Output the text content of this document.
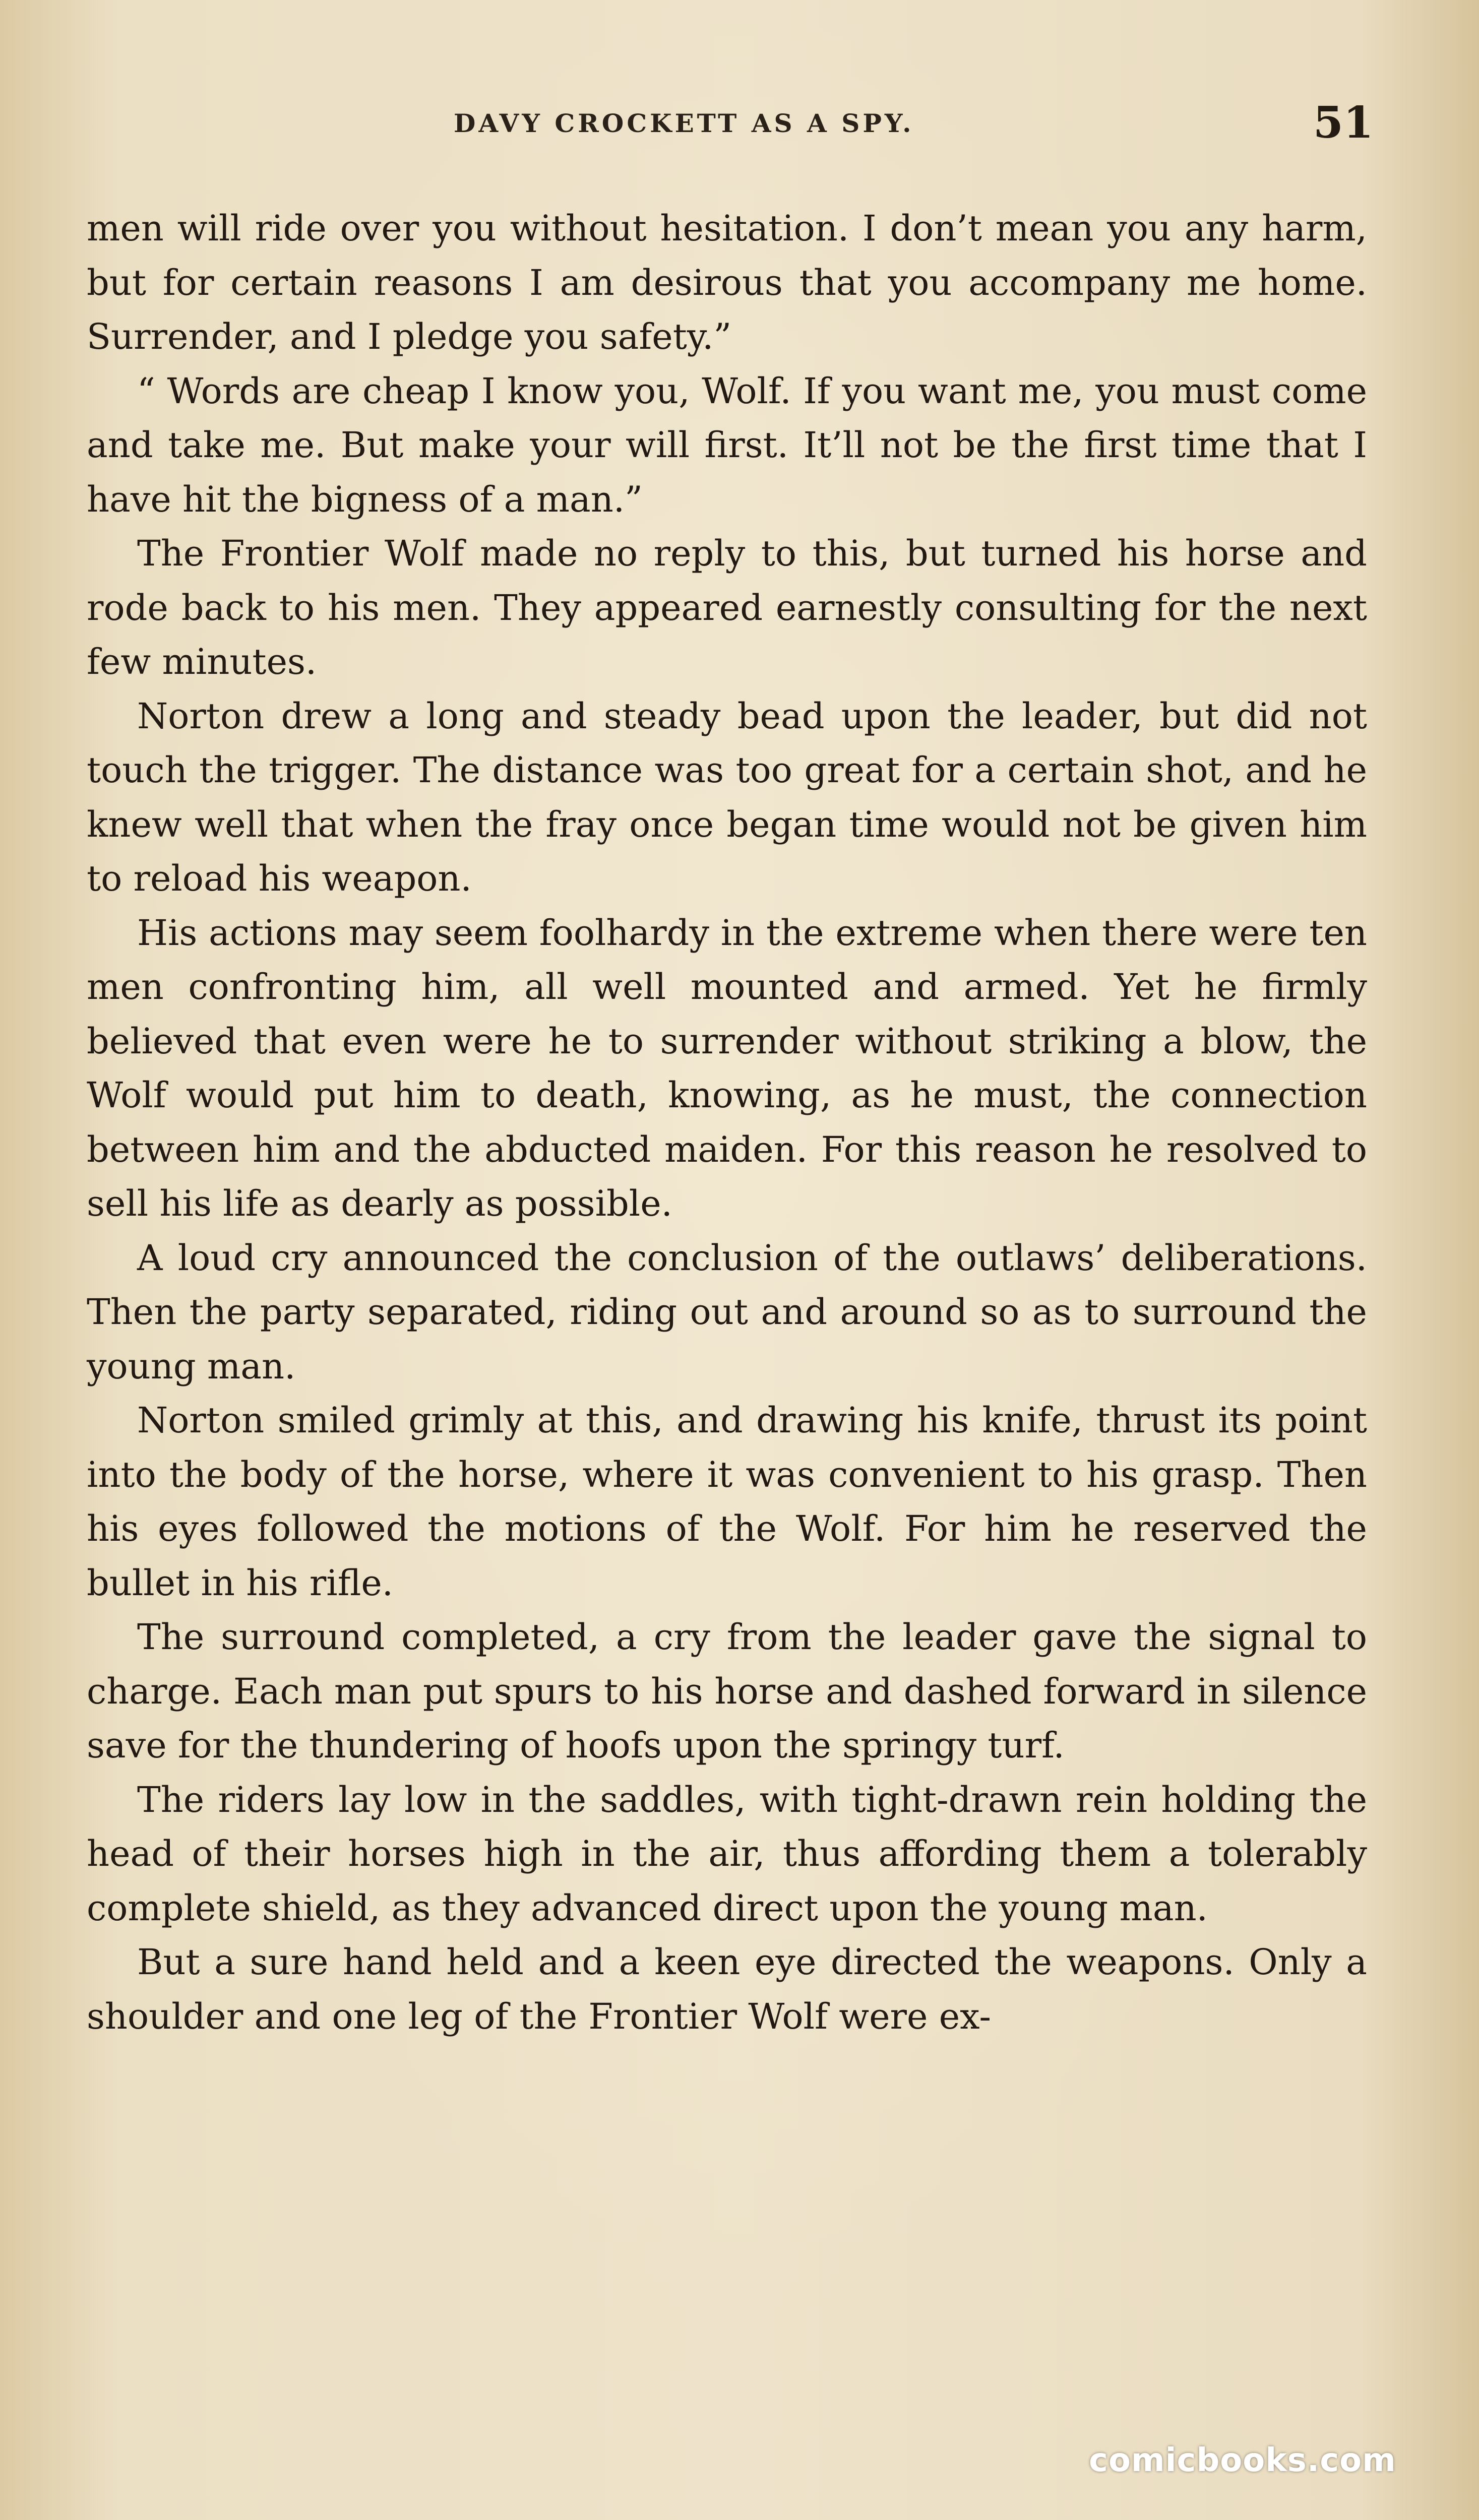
DAVY CROCKETT AS A SPY.	51

men will ride over you without hesitation. I don’t mean you any harm, but for certain reasons I am desirous that you accompany me home. Surrender, and I pledge you safety.”

“ Words are cheap I know you, Wolf. If you want me, you must come and take me. But make your will first. It’ll not be the first time that I have hit the bigness of a man.”

The Frontier Wolf made no reply to this, but turned his horse and rode back to his men. They appeared earnestly consulting for the next few minutes.

Norton drew a long and steady bead upon the leader, but did not touch the trigger. The distance was too great for a certain shot, and he knew well that when the fray once began time would not be given him to reload his weapon.

His actions may seem foolhardy in the extreme when there were ten men confronting him, all well mounted and armed. Yet he firmly believed that even were he to surrender without striking a blow, the Wolf would put him to death, knowing, as he must, the connection between him and the abducted maiden. For this reason he resolved to sell his life as dearly as possible.

A loud cry announced the conclusion of the outlaws’ deliberations. Then the party separated, riding out and around so as to surround the young man.

Norton smiled grimly at this, and drawing his knife, thrust its point into the body of the horse, where it was convenient to his grasp. Then his eyes followed the motions of the Wolf. For him he reserved the bullet in his rifle.

The surround completed, a cry from the leader gave the signal to charge. Each man put spurs to his horse and dashed forward in silence save for the thundering of hoofs upon the springy turf.

The riders lay low in the saddles, with tight-drawn rein holding the head of their horses high in the air, thus affording them a tolerably complete shield, as they advanced direct upon the young man.

But a sure hand held and a keen eye directed the weapons. Only a shoulder and one leg of the Frontier Wolf were ex-

comicbooks.com
